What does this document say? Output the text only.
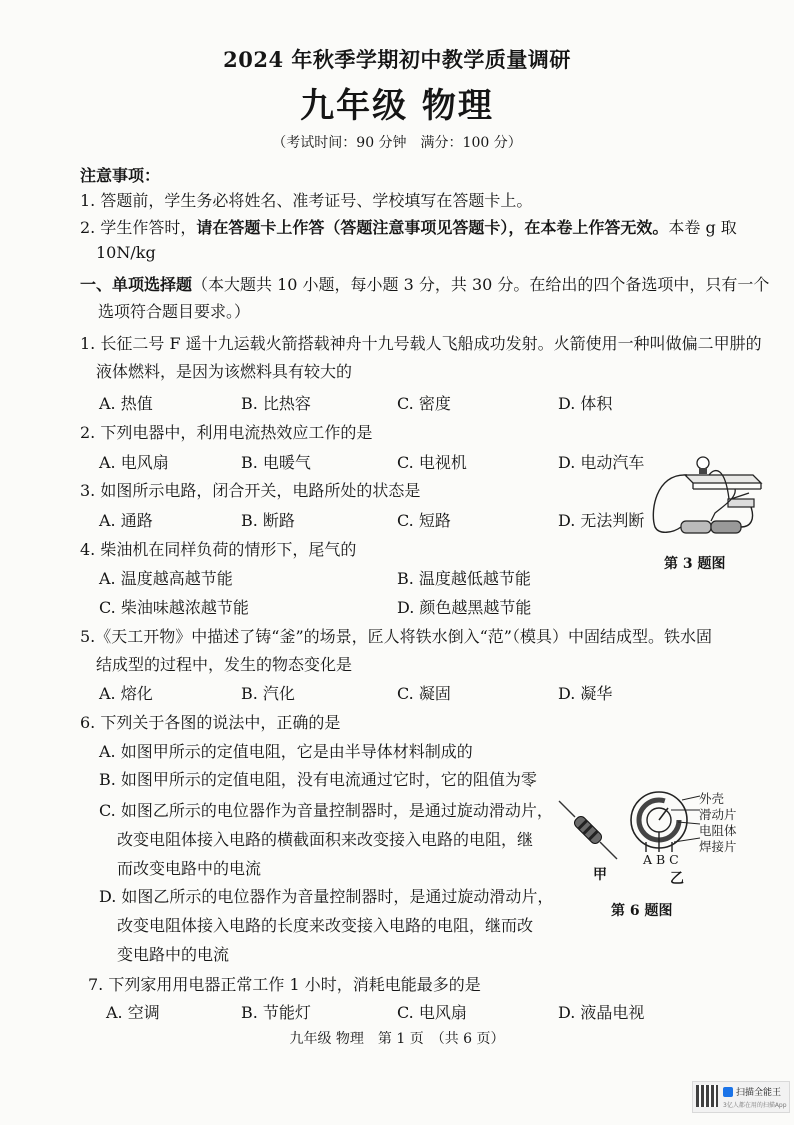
2024 年秋季学期初中教学质量调研
九年级 物理
（考试时间：90 分钟　满分：100 分）
注意事项：
1. 答题前，学生务必将姓名、准考证号、学校填写在答题卡上。
2. 学生作答时，请在答题卡上作答（答题注意事项见答题卡），在本卷上作答无效。本卷 g 取
10N/kg
一、单项选择题（本大题共 10 小题，每小题 3 分，共 30 分。在给出的四个备选项中，只有一个
选项符合题目要求。）
1. 长征二号 F 遥十九运载火箭搭载神舟十九号载人飞船成功发射。火箭使用一种叫做偏二甲肼的
液体燃料，是因为该燃料具有较大的
A. 热值	B. 比热容	C. 密度	D. 体积
2. 下列电器中，利用电流热效应工作的是
A. 电风扇	B. 电暖气	C. 电视机	D. 电动汽车
3. 如图所示电路，闭合开关，电路所处的状态是
A. 通路	B. 断路	C. 短路	D. 无法判断
第 3 题图
4. 柴油机在同样负荷的情形下，尾气的
A. 温度越高越节能	B. 温度越低越节能
C. 柴油味越浓越节能	D. 颜色越黑越节能
5.《天工开物》中描述了铸“釜”的场景，匠人将铁水倒入“范”（模具）中固结成型。铁水固
结成型的过程中，发生的物态变化是
A. 熔化	B. 汽化	C. 凝固	D. 凝华
6. 下列关于各图的说法中，正确的是
A. 如图甲所示的定值电阻，它是由半导体材料制成的
B. 如图甲所示的定值电阻，没有电流通过它时，它的阻值为零
C. 如图乙所示的电位器作为音量控制器时，是通过旋动滑动片，
改变电阻体接入电路的横截面积来改变接入电路的电阻，继
而改变电路中的电流
D. 如图乙所示的电位器作为音量控制器时，是通过旋动滑动片，
改变电阻体接入电路的长度来改变接入电路的电阻，继而改
变电路中的电流
甲
外壳
滑动片
电阻体
焊接片
A B C
乙
第 6 题图
7. 下列家用用电器正常工作 1 小时，消耗电能最多的是
A. 空调	B. 节能灯	C. 电风扇	D. 液晶电视
九年级 物理　第 1 页　（共 6 页）
扫描全能王
3亿人都在用的扫描App
